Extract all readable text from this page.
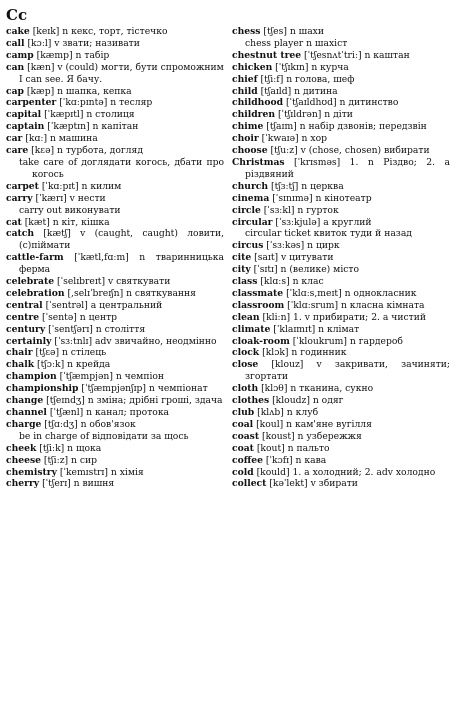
Cc

cake [keɪk] n кекс, торт, тістечко

call [kɔːl] v звати; називати

camp [kæmp] n табір

can [kæn] v (could) могти, бути спроможним

I can see. Я бачу.

cap [kæp] n шапка, кепка

carpenter [ˈkɑːpɪntə] n тесляр

capital [ˈkæpɪtl] n столиця

captain [ˈkæptɪn] n капітан

car [kɑː] n машина

care [kɛə] n турбота, догляд

take care of доглядати когось, дбати про когось

carpet [ˈkɑːpɪt] n килим

carry [ˈkærɪ] v нести

carry out виконувати

cat [kæt] n кіт, кішка

catch [kætʃ] v (caught, caught) ловити, (с)піймати

cattle-farm [ˈkætl,fɑːm] n тваринницька ферма

celebrate [ˈselɪbreɪt] v святкувати

celebration [,selɪˈbreɪʃn] n святкування

central [ˈsentrəl] a центральний

centre [ˈsentə] n центр

century [ˈsentʃərɪ] n століття

certainly [ˈsɜːtnlɪ] adv звичайно, неодмінно

chair [tʃɛə] n стілець

chalk [tʃɔːk] n крейда

champion [ˈtʃæmpjən] n чемпіон

championship [ˈtʃæmpjənʃɪp] n чемпіонат

change [tʃeɪndʒ] n зміна; дрібні гроші, здача

channel [ˈtʃænl] n канал; протока

charge [tʃɑːdʒ] n обов'язок

be in charge of відповідати за щось

cheek [tʃiːk] n щока

cheese [tʃiːz] n сир

chemistry [ˈkemɪstrɪ] n хімія

cherry [ˈtʃerɪ] n вишня

chess [tʃes] n шахи

chess player n шахіст

chestnut tree [ˈtʃesnʌtˈtriː] n каштан

chicken [ˈtʃɪkɪn] n курча

chief [tʃiːf] n голова, шеф

child [tʃaɪld] n дитина

childhood [ˈtʃaɪldhʊd] n дитинство

children [ˈtʃɪldrən] n діти

chime [tʃaɪm] n набір дзвонів; передзвін

choir [ˈkwaɪə] n хор

choose [tʃuːz] v (chose, chosen) вибирати

Christmas [ˈkrɪsməs] 1. n Різдво; 2. a різдвяний

church [tʃɜːtʃ] n церква

cinema [ˈsɪnɪmə] n кінотеатр

circle [ˈsɜːkl] n гурток

circular [ˈsɜːkjulə] a круглий

circular ticket квиток туди й назад

circus [ˈsɜːkəs] n цирк

cite [saɪt] v цитувати

city [ˈsɪtɪ] n (велике) місто

class [klɑːs] n клас

classmate [ˈklɑːs,meɪt] n однокласник

classroom [ˈklɑːsrum] n класна кімната

clean [kliːn] 1. v прибирати; 2. a чистий

climate [ˈklaɪmɪt] n клімат

cloak-room [ˈkloukrum] n гардероб

clock [klɔk] n годинник

close [klouz] v закривати, зачиняти; згортати

cloth [klɔθ] n тканина, сукно

clothes [kloudz] n одяг

club [klʌb] n клуб

coal [koul] n кам'яне вугілля

coast [koust] n узбережжя

coat [kout] n пальто

coffee [ˈkɔfɪ] n кава

cold [kould] 1. a холодний; 2. adv холодно

collect [kəˈlekt] v збирати
